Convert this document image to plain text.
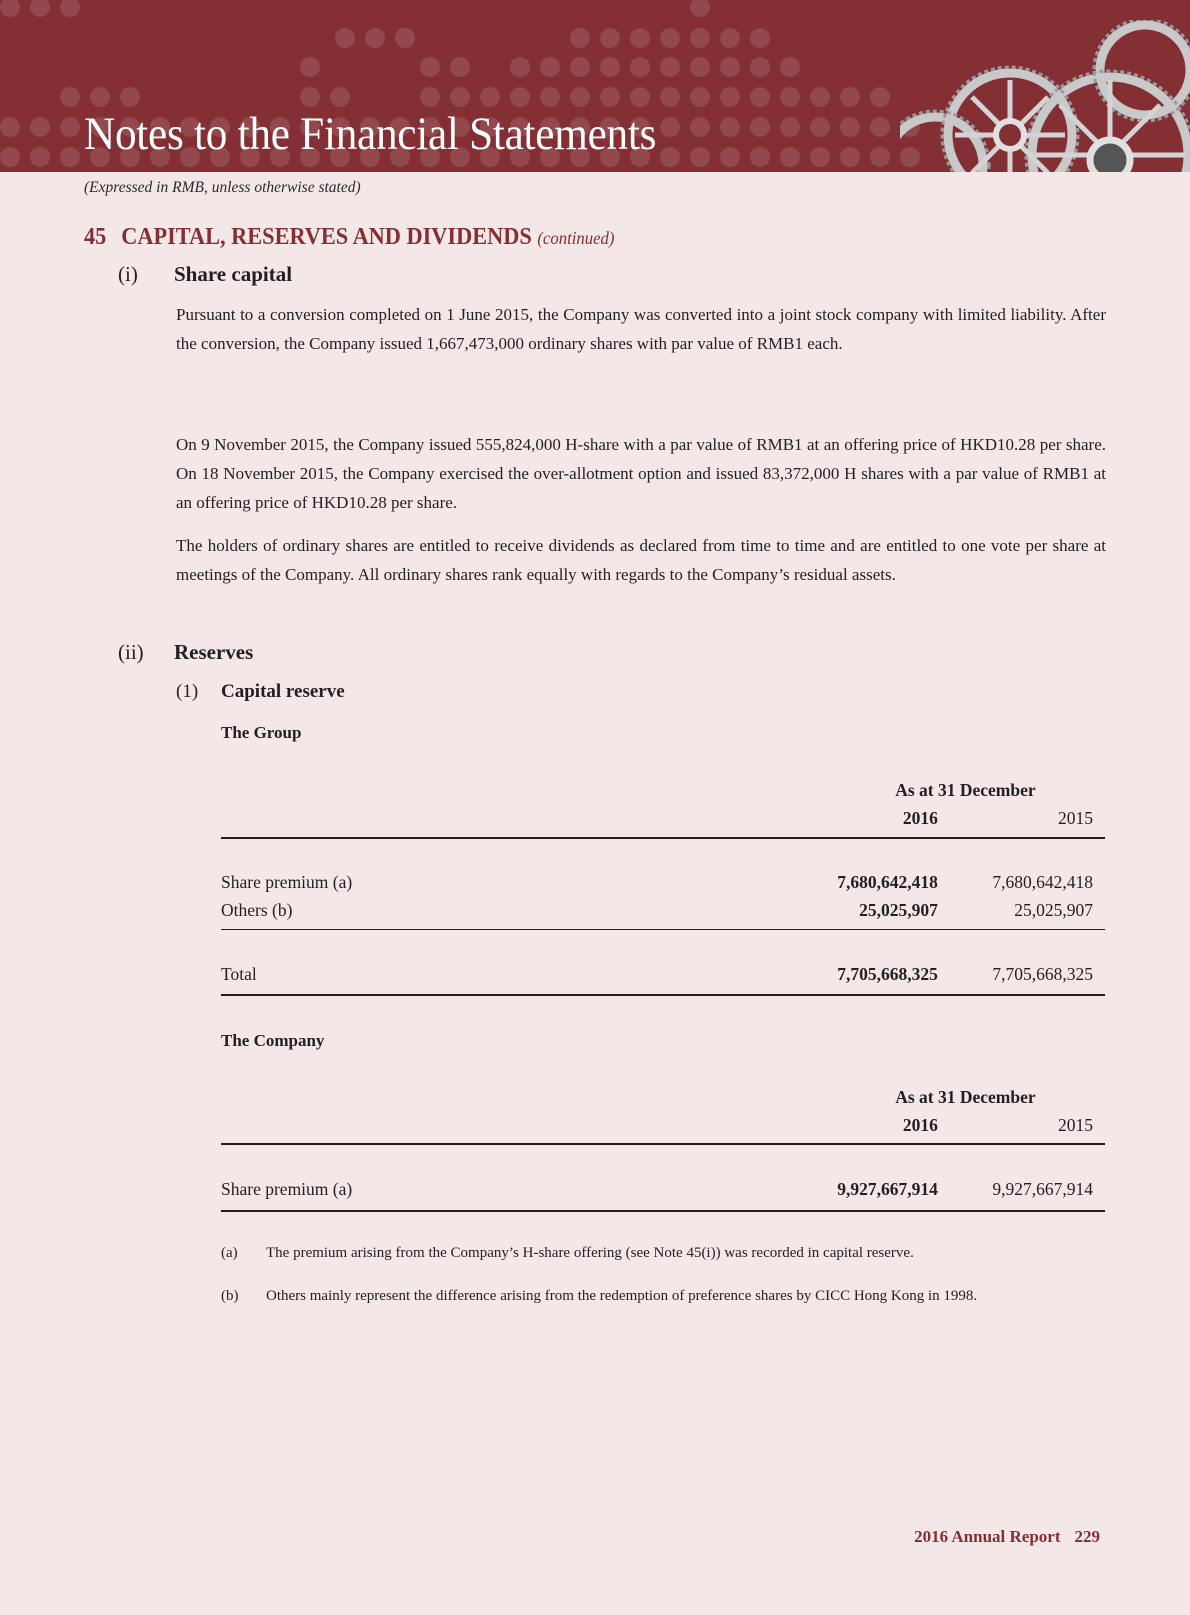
Notes to the Financial Statements
(Expressed in RMB, unless otherwise stated)
45 CAPITAL, RESERVES AND DIVIDENDS (continued)
(i) Share capital

Pursuant to a conversion completed on 1 June 2015, the Company was converted into a joint stock company with limited liability. After the conversion, the Company issued 1,667,473,000 ordinary shares with par value of RMB1 each.

On 9 November 2015, the Company issued 555,824,000 H-share with a par value of RMB1 at an offering price of HKD10.28 per share. On 18 November 2015, the Company exercised the over-allotment option and issued 83,372,000 H shares with a par value of RMB1 at an offering price of HKD10.28 per share.

The holders of ordinary shares are entitled to receive dividends as declared from time to time and are entitled to one vote per share at meetings of the Company. All ordinary shares rank equally with regards to the Company’s residual assets.

(ii) Reserves
(1) Capital reserve
The Group
	As at 31 December	
	2016	2015

Share premium (a)	7,680,642,418	7,680,642,418
Others (b)	25,025,907	25,025,907

Total	7,705,668,325	7,705,668,325
The Company
	As at 31 December	
	2016	2015

Share premium (a)	9,927,667,914	9,927,667,914
(a) The premium arising from the Company’s H-share offering (see Note 45(i)) was recorded in capital reserve.
(b) Others mainly represent the difference arising from the redemption of preference shares by CICC Hong Kong in 1998.
2016 Annual Report 229
